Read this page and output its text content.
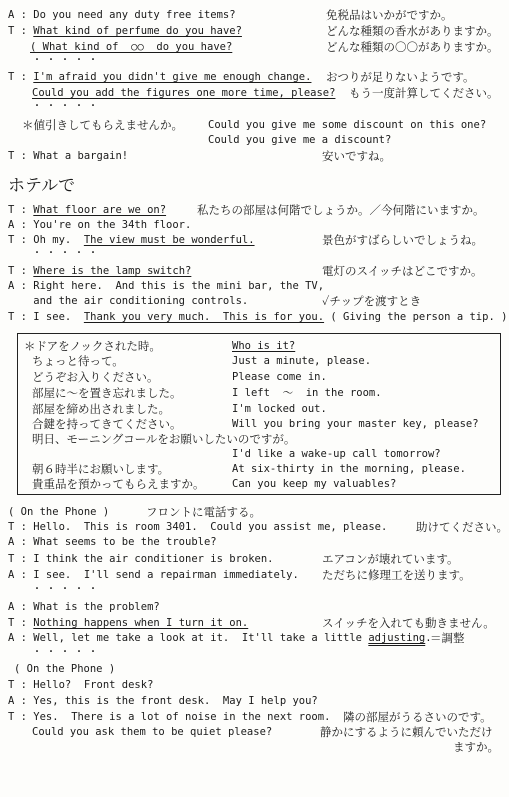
A : Do you need any duty free items?	免税品はいかがですか。
T : What kind of perfume do you have?	どんな種類の香水がありますか。
( What kind of  ○○  do you have?	どんな種類の〇〇がありますか。
・・・・・
T : I'm afraid you didn't give me enough change. おつりが足りないようです。
Could you add the figures one more time, please? もう一度計算してください。
・・・・・
＊値引きしてもらえませんか。 Could you give me some discount on this one?
Could you give me a discount?
T : What a bargain!	安いですね。
ホテルで
T : What floor are we on?	私たちの部屋は何階でしょうか。／今何階にいますか。
A : You're on the 34th floor.
T : Oh my.  The view must be wonderful.	景色がすばらしいでしょうね。
・・・・・
T : Where is the lamp switch?	電灯のスイッチはどこですか。
A : Right here.  And this is the mini bar, the TV,
and the air conditioning controls.	✓チップを渡すとき
T : I see.  Thank you very much.  This is for you. ( Giving the person a tip. )
＊ドアをノックされた時。	Who is it?
ちょっと待って。	Just a minute, please.
どうぞお入りください。	Please come in.
部屋に〜を置き忘れました。	I left  〜  in the room.
部屋を締め出されました。	I'm locked out.
合鍵を持ってきてください。	Will you bring your master key, please?
明日、モーニングコールをお願いしたいのですが。
I'd like a wake-up call tomorrow?
朝６時半にお願いします。	At six-thirty in the morning, please.
貴重品を預かってもらえますか。	Can you keep my valuables?
( On the Phone )	フロントに電話する。
T : Hello.  This is room 3401.  Could you assist me, please. 助けてください。
A : What seems to be the trouble?
T : I think the air conditioner is broken.	エアコンが壊れています。
A : I see.  I'll send a repairman immediately. ただちに修理工を送ります。
・・・・・
A : What is the problem?
T : Nothing happens when I turn it on.	スイッチを入れても動きません。
A : Well, let me take a look at it.  It'll take a little adjusting.
＝調整
・・・・・
( On the Phone )
T : Hello?  Front desk?
A : Yes, this is the front desk.  May I help you?
T : Yes.  There is a lot of noise in the next room. 隣の部屋がうるさいのです。
Could you ask them to be quiet please?	静かにするように頼んでいただけ
ますか。
